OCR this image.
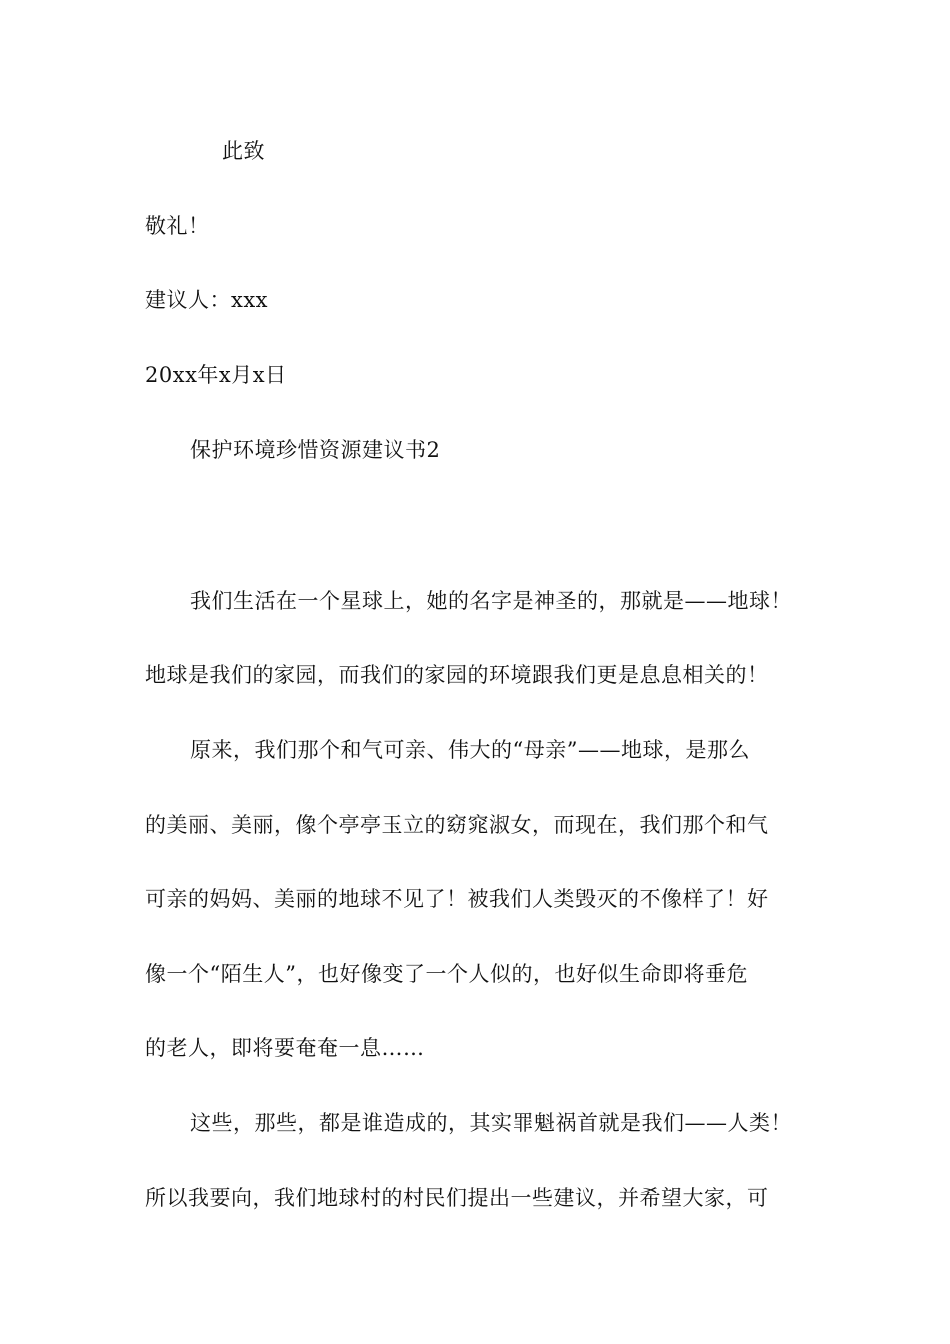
此致
敬礼！
建议人：xxx
20xx年x月x日
保护环境珍惜资源建议书2
我们生活在一个星球上，她的名字是神圣的，那就是——地球！
地球是我们的家园，而我们的家园的环境跟我们更是息息相关的！
原来，我们那个和气可亲、伟大的“母亲”——地球，是那么
的美丽、美丽，像个亭亭玉立的窈窕淑女，而现在，我们那个和气
可亲的妈妈、美丽的地球不见了！被我们人类毁灭的不像样了！好
像一个“陌生人”，也好像变了一个人似的，也好似生命即将垂危
的老人，即将要奄奄一息……
这些，那些，都是谁造成的，其实罪魁祸首就是我们——人类！
所以我要向，我们地球村的村民们提出一些建议，并希望大家，可
